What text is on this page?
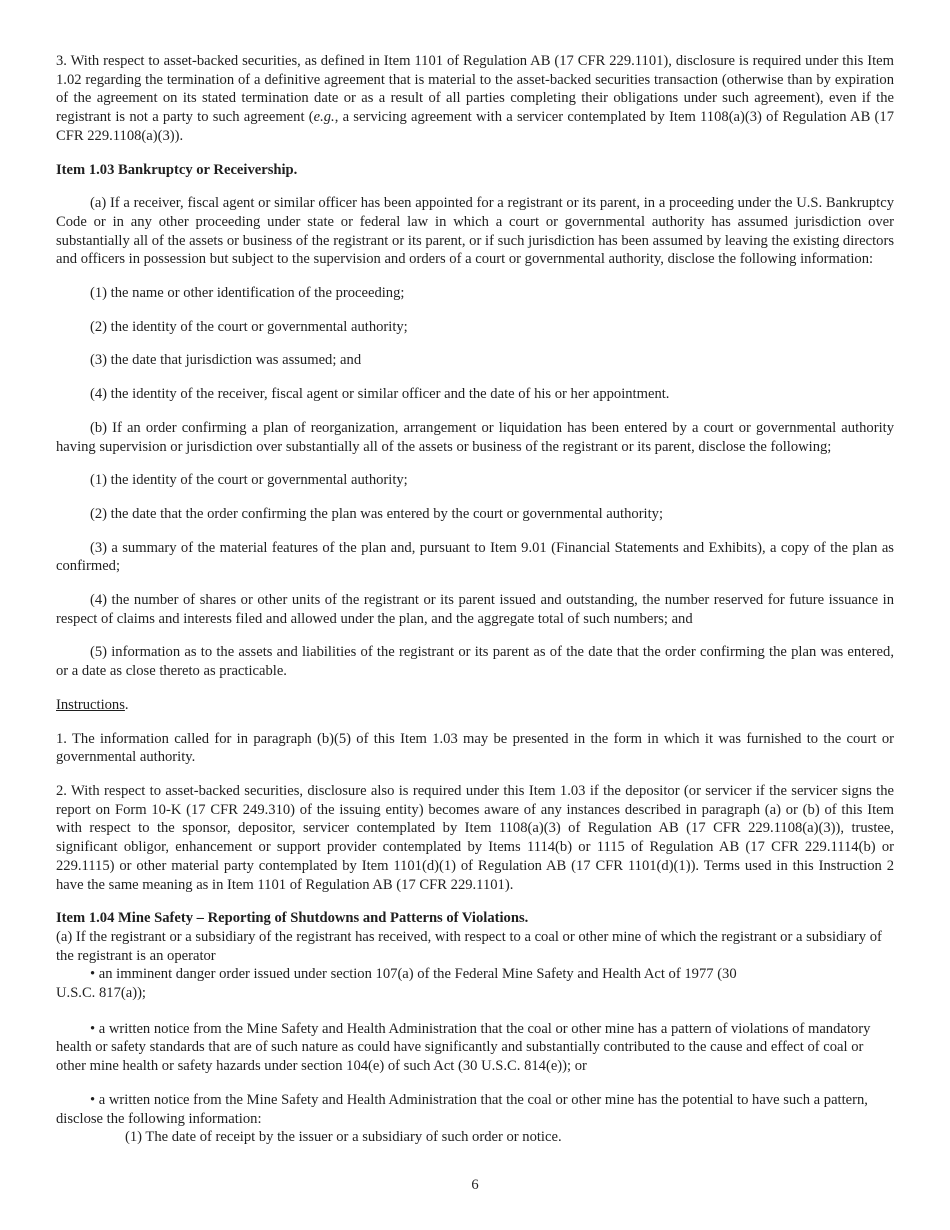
3. With respect to asset-backed securities, as defined in Item 1101 of Regulation AB (17 CFR 229.1101), disclosure is required under this Item 1.02 regarding the termination of a definitive agreement that is material to the asset-backed securities transaction (otherwise than by expiration of the agreement on its stated termination date or as a result of all parties completing their obligations under such agreement), even if the registrant is not a party to such agreement (e.g., a servicing agreement with a servicer contemplated by Item 1108(a)(3) of Regulation AB (17 CFR 229.1108(a)(3)).

Item 1.03 Bankruptcy or Receivership.

(a) If a receiver, fiscal agent or similar officer has been appointed for a registrant or its parent, in a proceeding under the U.S. Bankruptcy Code or in any other proceeding under state or federal law in which a court or governmental authority has assumed jurisdiction over substantially all of the assets or business of the registrant or its parent, or if such jurisdiction has been assumed by leaving the existing directors and officers in possession but subject to the supervision and orders of a court or governmental authority, disclose the following information:

(1) the name or other identification of the proceeding;

(2) the identity of the court or governmental authority;

(3) the date that jurisdiction was assumed; and

(4) the identity of the receiver, fiscal agent or similar officer and the date of his or her appointment.

(b) If an order confirming a plan of reorganization, arrangement or liquidation has been entered by a court or governmental authority having supervision or jurisdiction over substantially all of the assets or business of the registrant or its parent, disclose the following;

(1) the identity of the court or governmental authority;

(2) the date that the order confirming the plan was entered by the court or governmental authority;

(3) a summary of the material features of the plan and, pursuant to Item 9.01 (Financial Statements and Exhibits), a copy of the plan as confirmed;

(4) the number of shares or other units of the registrant or its parent issued and outstanding, the number reserved for future issuance in respect of claims and interests filed and allowed under the plan, and the aggregate total of such numbers; and

(5) information as to the assets and liabilities of the registrant or its parent as of the date that the order confirming the plan was entered, or a date as close thereto as practicable.

Instructions.

1. The information called for in paragraph (b)(5) of this Item 1.03 may be presented in the form in which it was furnished to the court or governmental authority.

2. With respect to asset-backed securities, disclosure also is required under this Item 1.03 if the depositor (or servicer if the servicer signs the report on Form 10-K (17 CFR 249.310) of the issuing entity) becomes aware of any instances described in paragraph (a) or (b) of this Item with respect to the sponsor, depositor, servicer contemplated by Item 1108(a)(3) of Regulation AB (17 CFR 229.1108(a)(3)), trustee, significant obligor, enhancement or support provider contemplated by Items 1114(b) or 1115 of Regulation AB (17 CFR 229.1114(b) or 229.1115) or other material party contemplated by Item 1101(d)(1) of Regulation AB (17 CFR 1101(d)(1)). Terms used in this Instruction 2 have the same meaning as in Item 1101 of Regulation AB (17 CFR 229.1101).

Item 1.04 Mine Safety – Reporting of Shutdowns and Patterns of Violations.

(a) If the registrant or a subsidiary of the registrant has received, with respect to a coal or other mine of which the registrant or a subsidiary of the registrant is an operator

• an imminent danger order issued under section 107(a) of the Federal Mine Safety and Health Act of 1977 (30
U.S.C. 817(a));

• a written notice from the Mine Safety and Health Administration that the coal or other mine has a pattern of violations of mandatory health or safety standards that are of such nature as could have significantly and substantially contributed to the cause and effect of coal or other mine health or safety hazards under section 104(e) of such Act (30 U.S.C. 814(e)); or

• a written notice from the Mine Safety and Health Administration that the coal or other mine has the potential to have such a pattern, disclose the following information:

(1) The date of receipt by the issuer or a subsidiary of such order or notice.

6
